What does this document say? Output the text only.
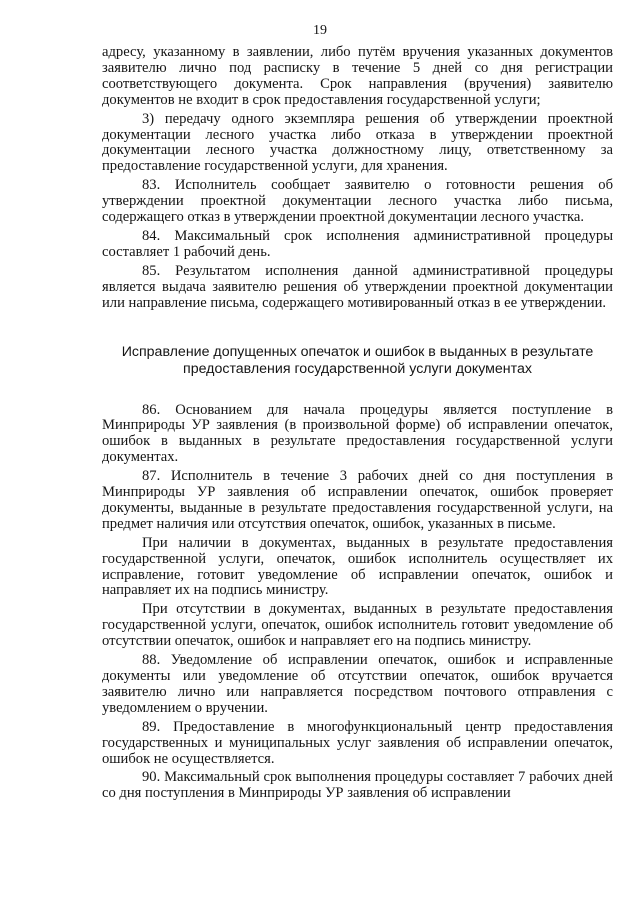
19

адресу, указанному в заявлении, либо путём вручения указанных документов заявителю лично под расписку в течение 5 дней со дня регистрации соответствующего документа. Срок направления (вручения) заявителю документов не входит в срок предоставления государственной услуги;

3) передачу одного экземпляра решения об утверждении проектной документации лесного участка либо отказа в утверждении проектной документации лесного участка должностному лицу, ответственному за предоставление государственной услуги, для хранения.

83. Исполнитель сообщает заявителю о готовности решения об утверждении проектной документации лесного участка либо письма, содержащего отказ в утверждении проектной документации лесного участка.

84. Максимальный срок исполнения административной процедуры составляет 1 рабочий день.

85. Результатом исполнения данной административной процедуры является выдача заявителю решения об утверждении проектной документации или направление письма, содержащего мотивированный отказ в ее утверждении.

Исправление допущенных опечаток и ошибок в выданных в результате предоставления государственной услуги документах

86. Основанием для начала процедуры является поступление в Минприроды УР заявления (в произвольной форме) об исправлении опечаток, ошибок в выданных в результате предоставления государственной услуги документах.

87. Исполнитель в течение 3 рабочих дней со дня поступления в Минприроды УР заявления об исправлении опечаток, ошибок проверяет документы, выданные в результате предоставления государственной услуги, на предмет наличия или отсутствия опечаток, ошибок, указанных в письме.

При наличии в документах, выданных в результате предоставления государственной услуги, опечаток, ошибок исполнитель осуществляет их исправление, готовит уведомление об исправлении опечаток, ошибок и направляет их на подпись министру.

При отсутствии в документах, выданных в результате предоставления государственной услуги, опечаток, ошибок исполнитель готовит уведомление об отсутствии опечаток, ошибок и направляет его на подпись министру.

88. Уведомление об исправлении опечаток, ошибок и исправленные документы или уведомление об отсутствии опечаток, ошибок вручается заявителю лично или направляется посредством почтового отправления с уведомлением о вручении.

89. Предоставление в многофункциональный центр предоставления государственных и муниципальных услуг заявления об исправлении опечаток, ошибок не осуществляется.

90. Максимальный срок выполнения процедуры составляет 7 рабочих дней со дня поступления в Минприроды УР заявления об исправлении
